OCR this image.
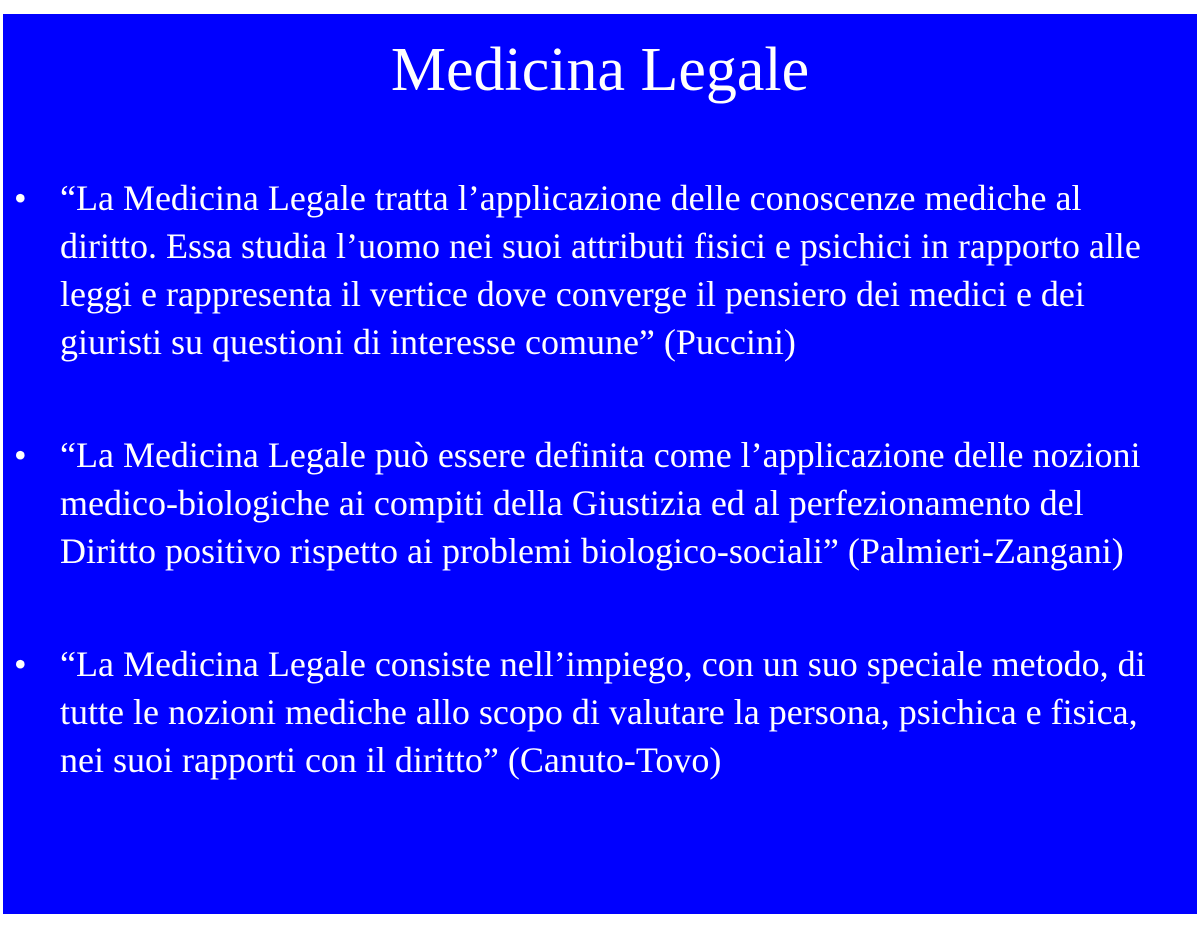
Medicina Legale
• “La Medicina Legale tratta l’applicazione delle conoscenze mediche al diritto. Essa studia l’uomo nei suoi attributi fisici e psichici in rapporto alle leggi e rappresenta il vertice dove converge il pensiero dei medici e dei giuristi su questioni di interesse comune” (Puccini)
• “La Medicina Legale può essere definita come l’applicazione delle nozioni medico-biologiche ai compiti della Giustizia ed al perfezionamento del Diritto positivo rispetto ai problemi biologico-sociali” (Palmieri-Zangani)
• “La Medicina Legale consiste nell’impiego, con un suo speciale metodo, di tutte le nozioni mediche allo scopo di valutare la persona, psichica e fisica, nei suoi rapporti con il diritto” (Canuto-Tovo)
